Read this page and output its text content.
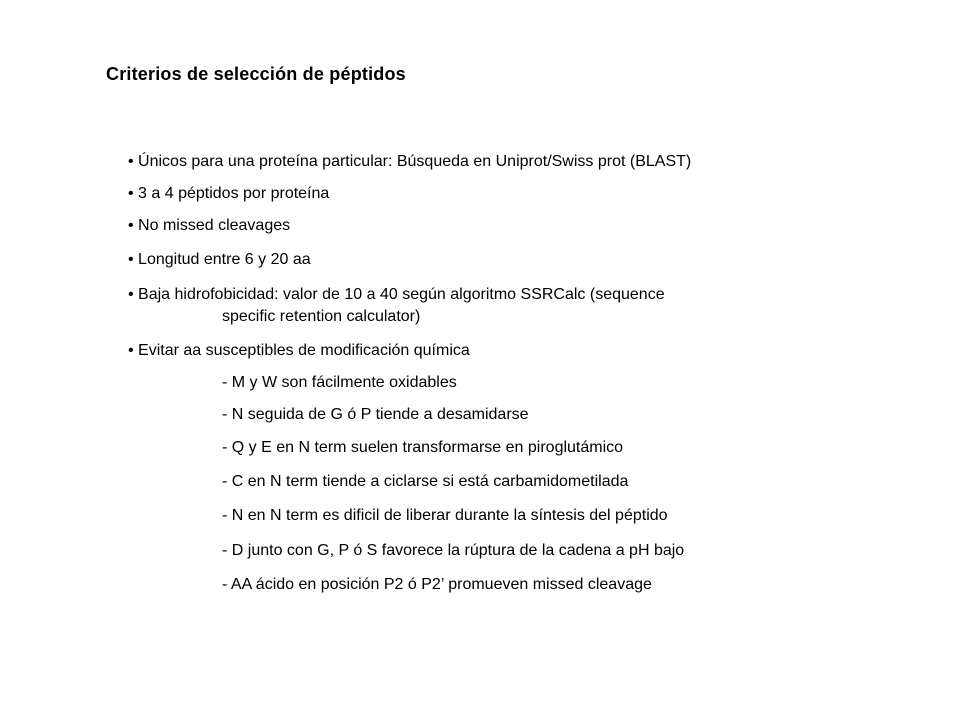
Criterios de selección de péptidos
• Únicos para una proteína particular: Búsqueda en Uniprot/Swiss prot (BLAST)
• 3 a 4 péptidos por proteína
• No missed cleavages
• Longitud entre 6 y 20 aa
• Baja hidrofobicidad: valor de 10 a 40 según algoritmo SSRCalc (sequence
specific retention calculator)
• Evitar aa susceptibles de modificación química
- M y W son fácilmente oxidables
- N seguida de G ó P tiende a desamidarse
- Q y E en N term suelen transformarse en piroglutámico
- C en N term tiende a ciclarse si está carbamidometilada
- N en N term es dificil de liberar durante la síntesis del péptido
- D junto con G, P ó S favorece la rúptura de la cadena a pH bajo
- AA ácido en posición P2 ó P2’ promueven missed cleavage
